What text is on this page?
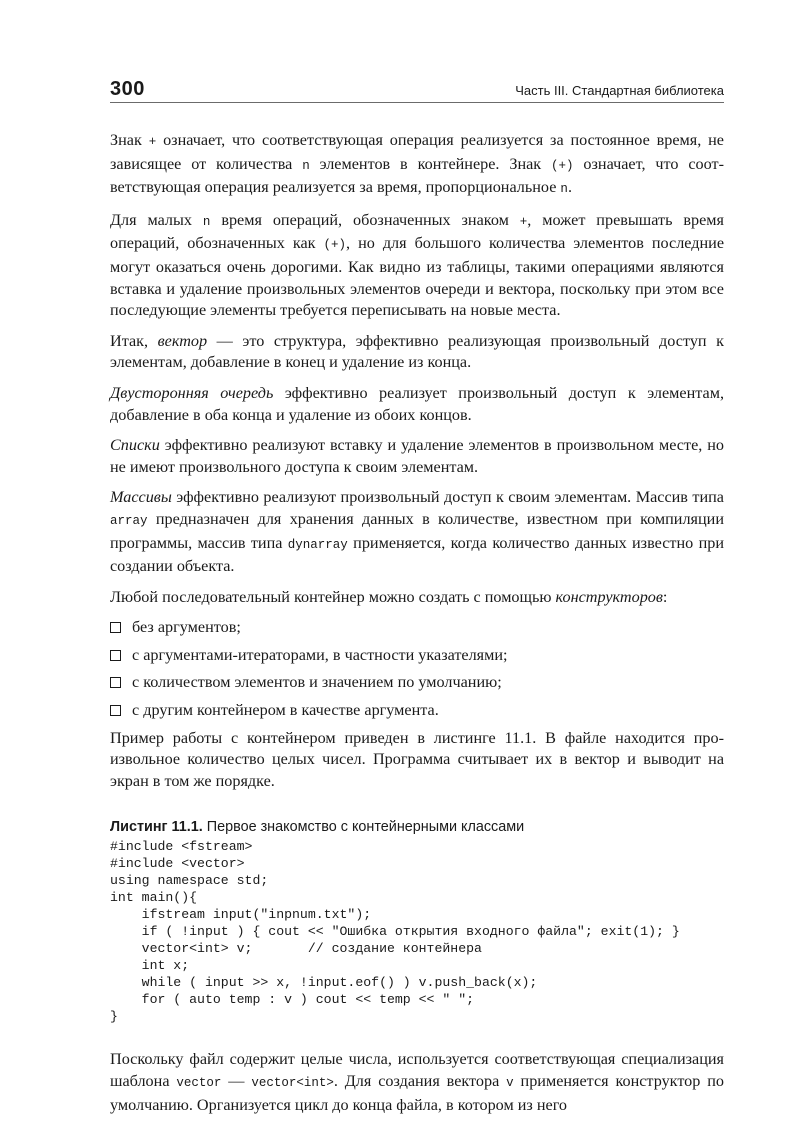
300	Часть III. Стандартная библиотека

Знак + означает, что соответствующая операция реализуется за постоянное время, не зависящее от количества n элементов в контейнере. Знак (+) означает, что соответствующая операция реализуется за время, пропорциональное n.

Для малых n время операций, обозначенных знаком +, может превышать время операций, обозначенных как (+), но для большого количества элементов последние могут оказаться очень дорогими. Как видно из таблицы, такими операциями являются вставка и удаление произвольных элементов очереди и вектора, поскольку при этом все последующие элементы требуется переписывать на новые места.

Итак, вектор — это структура, эффективно реализующая произвольный доступ к элементам, добавление в конец и удаление из конца.

Двусторонняя очередь эффективно реализует произвольный доступ к элементам, добавление в оба конца и удаление из обоих концов.

Списки эффективно реализуют вставку и удаление элементов в произвольном месте, но не имеют произвольного доступа к своим элементам.

Массивы эффективно реализуют произвольный доступ к своим элементам. Массив типа array предназначен для хранения данных в количестве, известном при компиляции программы, массив типа dynarray применяется, когда количество данных известно при создании объекта.

Любой последовательный контейнер можно создать с помощью конструкторов:

без аргументов;
с аргументами-итераторами, в частности указателями;
с количеством элементов и значением по умолчанию;
с другим контейнером в качестве аргумента.

Пример работы с контейнером приведен в листинге 11.1. В файле находится произвольное количество целых чисел. Программа считывает их в вектор и выводит на экран в том же порядке.

Листинг 11.1. Первое знакомство с контейнерными классами
#include <fstream>
#include <vector>
using namespace std;
int main(){
ifstream input("inpnum.txt");
if ( !input ) { cout << "Ошибка открытия входного файла"; exit(1); }
vector<int> v;       // создание контейнера
int x;
while ( input >> x, !input.eof() ) v.push_back(x);
for ( auto temp : v ) cout << temp << " ";
}

Поскольку файл содержит целые числа, используется соответствующая специализация шаблона vector — vector<int>. Для создания вектора v применяется конструктор по умолчанию. Организуется цикл до конца файла, в котором из него
